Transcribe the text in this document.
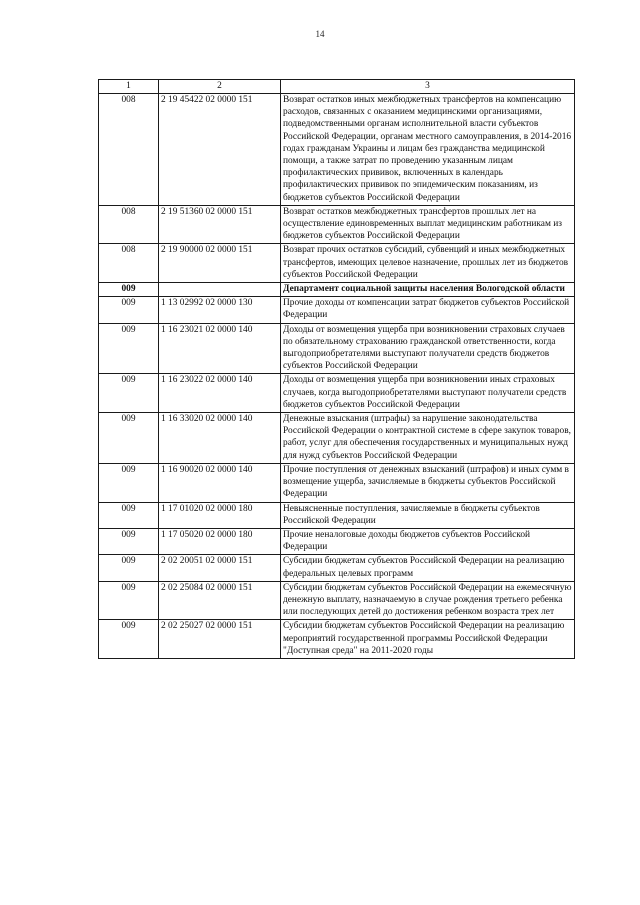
14
1	2	3
008	2 19 45422 02 0000 151	Возврат остатков иных межбюджетных трансфертов на компенсацию расходов, связанных с оказанием медицинскими организациями, подведомственными органам исполнительной власти субъектов Российской Федерации, органам местного самоуправления, в 2014-2016 годах гражданам Украины и лицам без гражданства медицинской помощи, а также затрат по проведению указанным лицам профилактических прививок, включенных в календарь профилактических прививок по эпидемическим показаниям, из бюджетов субъектов Российской Федерации
008	2 19 51360 02 0000 151	Возврат остатков межбюджетных трансфертов прошлых лет на осуществление единовременных выплат медицинским работникам из бюджетов субъектов Российской Федерации
008	2 19 90000 02 0000 151	Возврат прочих остатков субсидий, субвенций и иных межбюджетных трансфертов, имеющих целевое назначение, прошлых лет из бюджетов субъектов Российской Федерации
009		Департамент социальной защиты населения Вологодской области
009	1 13 02992 02 0000 130	Прочие доходы от компенсации затрат бюджетов субъектов Российской Федерации
009	1 16 23021 02 0000 140	Доходы от возмещения ущерба при возникновении страховых случаев по обязательному страхованию гражданской ответственности, когда выгодоприобретателями выступают получатели средств бюджетов субъектов Российской Федерации
009	1 16 23022 02 0000 140	Доходы от возмещения ущерба при возникновении иных страховых случаев, когда выгодоприобретателями выступают получатели средств бюджетов субъектов Российской Федерации
009	1 16 33020 02 0000 140	Денежные взыскания (штрафы) за нарушение законодательства Российской Федерации о контрактной системе в сфере закупок товаров, работ, услуг для обеспечения государственных и муниципальных нужд для нужд субъектов Российской Федерации
009	1 16 90020 02 0000 140	Прочие поступления от денежных взысканий (штрафов) и иных сумм в возмещение ущерба, зачисляемые в бюджеты субъектов Российской Федерации
009	1 17 01020 02 0000 180	Невыясненные поступления, зачисляемые в бюджеты субъектов Российской Федерации
009	1 17 05020 02 0000 180	Прочие неналоговые доходы бюджетов субъектов Российской Федерации
009	2 02 20051 02 0000 151	Субсидии бюджетам субъектов Российской Федерации на реализацию федеральных целевых программ
009	2 02 25084 02 0000 151	Субсидии бюджетам субъектов Российской Федерации на ежемесячную денежную выплату, назначаемую в случае рождения третьего ребенка или последующих детей до достижения ребенком возраста трех лет
009	2 02 25027 02 0000 151	Субсидии бюджетам субъектов Российской Федерации на реализацию мероприятий государственной программы Российской Федерации "Доступная среда" на 2011-2020 годы
